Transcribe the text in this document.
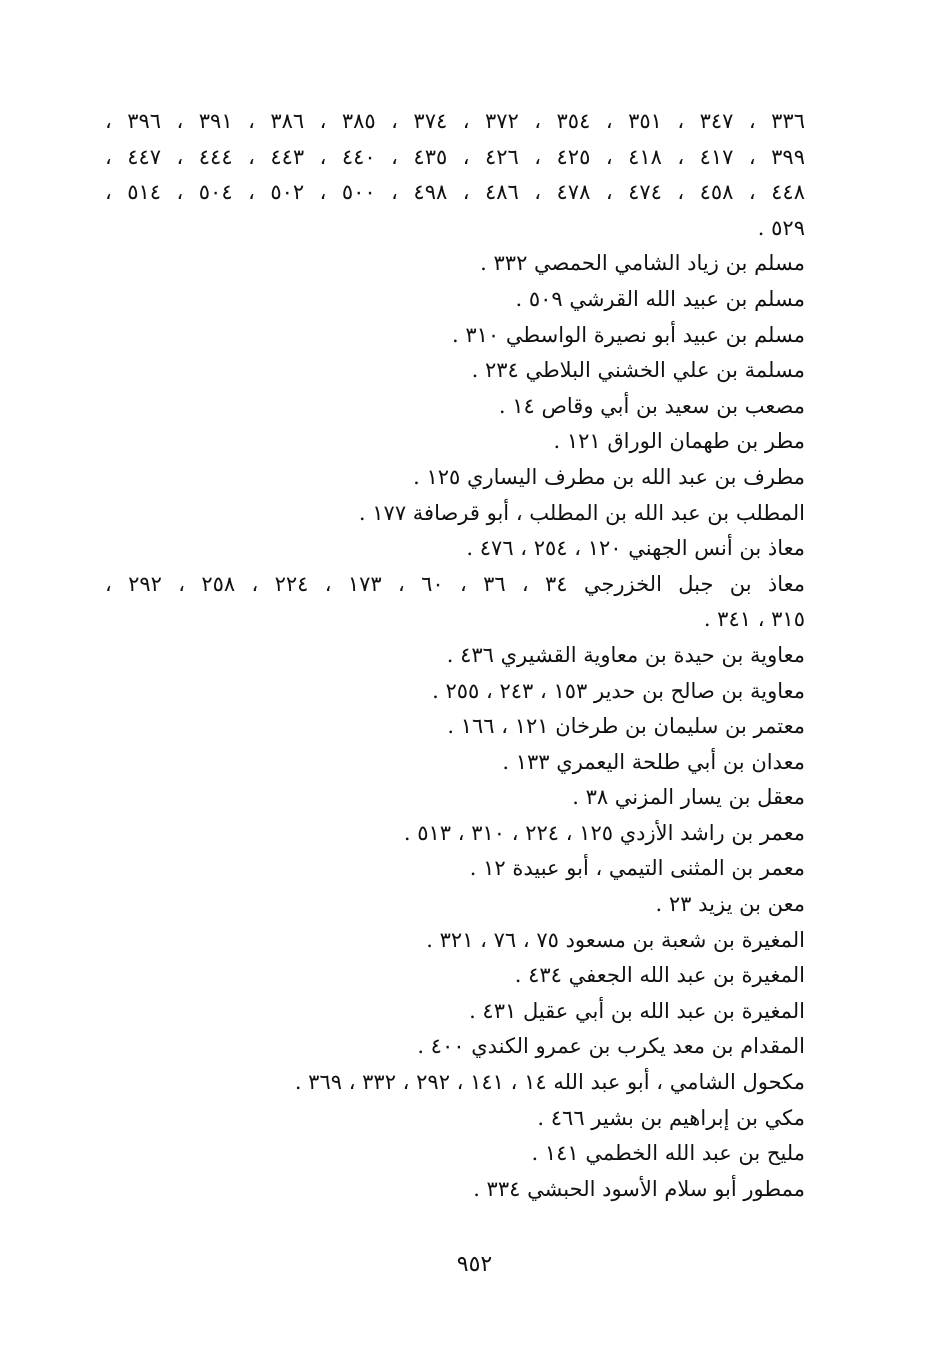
٣٣٦ ، ٣٤٧ ، ٣٥١ ، ٣٥٤ ، ٣٧٢ ، ٣٧٤ ، ٣٨٥ ، ٣٨٦ ، ٣٩١ ، ٣٩٦ ،
٣٩٩ ، ٤١٧ ، ٤١٨ ، ٤٢٥ ، ٤٢٦ ، ٤٣٥ ، ٤٤٠ ، ٤٤٣ ، ٤٤٤ ، ٤٤٧ ،
٤٤٨ ، ٤٥٨ ، ٤٧٤ ، ٤٧٨ ، ٤٨٦ ، ٤٩٨ ، ٥٠٠ ، ٥٠٢ ، ٥٠٤ ، ٥١٤ ،
٥٢٩ .
مسلم بن زياد الشامي الحمصي ٣٣٢ .
مسلم بن عبيد الله القرشي ٥٠٩ .
مسلم بن عبيد أبو نصيرة الواسطي ٣١٠ .
مسلمة بن علي الخشني البلاطي ٢٣٤ .
مصعب بن سعيد بن أبي وقاص ١٤ .
مطر بن طهمان الوراق ١٢١ .
مطرف بن عبد الله بن مطرف اليساري ١٢٥ .
المطلب بن عبد الله بن المطلب ، أبو قرصافة ١٧٧ .
معاذ بن أنس الجهني ١٢٠ ، ٢٥٤ ، ٤٧٦ .
معاذ بن جبل الخزرجي ٣٤ ، ٣٦ ، ٦٠ ، ١٧٣ ، ٢٢٤ ، ٢٥٨ ، ٢٩٢ ،
٣١٥ ، ٣٤١ .
معاوية بن حيدة بن معاوية القشيري ٤٣٦ .
معاوية بن صالح بن حدير ١٥٣ ، ٢٤٣ ، ٢٥٥ .
معتمر بن سليمان بن طرخان ١٢١ ، ١٦٦ .
معدان بن أبي طلحة اليعمري ١٣٣ .
معقل بن يسار المزني ٣٨ .
معمر بن راشد الأزدي ١٢٥ ، ٢٢٤ ، ٣١٠ ، ٥١٣ .
معمر بن المثنى التيمي ، أبو عبيدة ١٢ .
معن بن يزيد ٢٣ .
المغيرة بن شعبة بن مسعود ٧٥ ، ٧٦ ، ٣٢١ .
المغيرة بن عبد الله الجعفي ٤٣٤ .
المغيرة بن عبد الله بن أبي عقيل ٤٣١ .
المقدام بن معد يكرب بن عمرو الكندي ٤٠٠ .
مكحول الشامي ، أبو عبد الله ١٤ ، ١٤١ ، ٢٩٢ ، ٣٣٢ ، ٣٦٩ .
مكي بن إبراهيم بن بشير ٤٦٦ .
مليح بن عبد الله الخطمي ١٤١ .
ممطور أبو سلام الأسود الحبشي ٣٣٤ .
٩٥٢
